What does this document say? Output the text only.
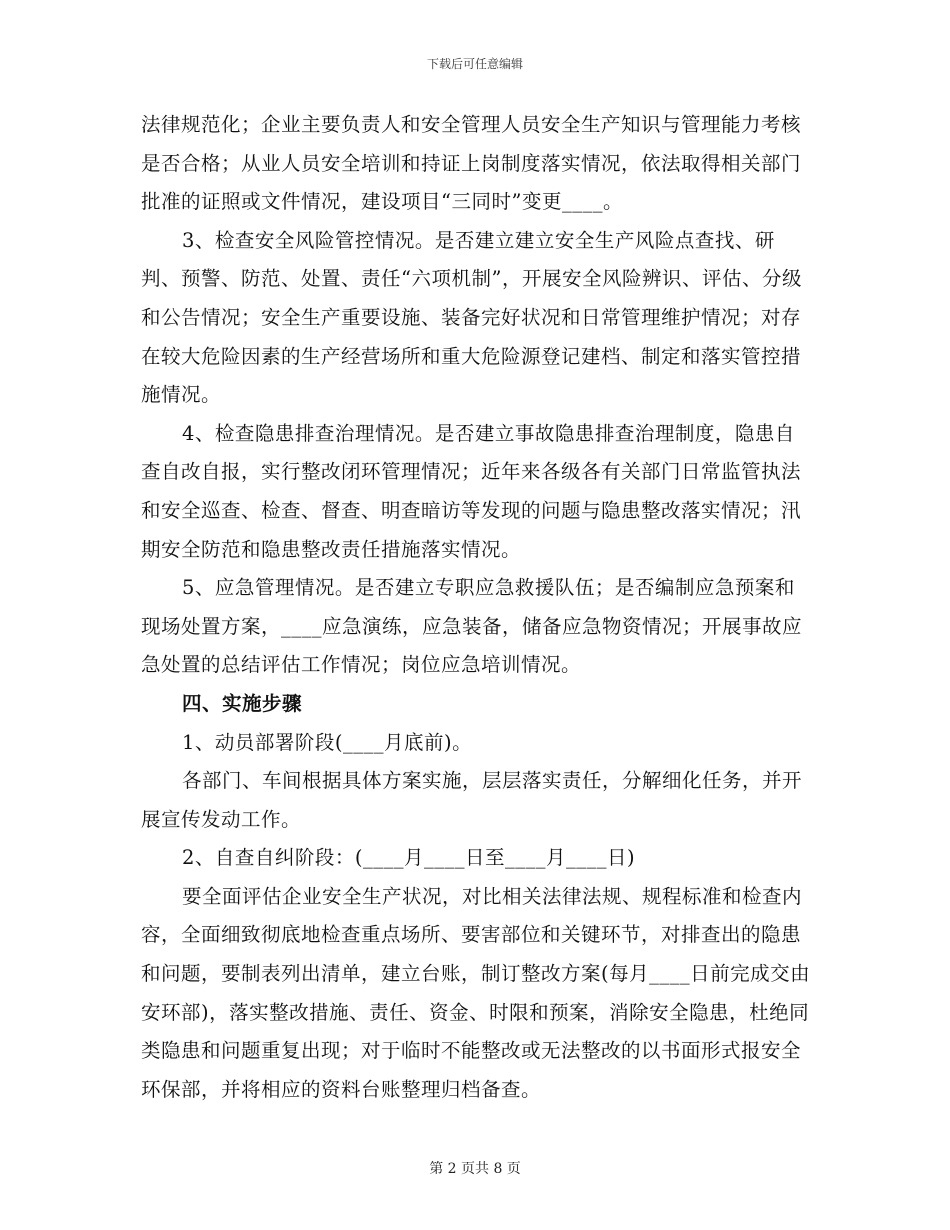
下载后可任意编辑

法律规范化；企业主要负责人和安全管理人员安全生产知识与管理能力考核是否合格；从业人员安全培训和持证上岗制度落实情况，依法取得相关部门批准的证照或文件情况，建设项目“三同时”变更____。

3、检查安全风险管控情况。是否建立建立安全生产风险点查找、研判、预警、防范、处置、责任“六项机制”，开展安全风险辨识、评估、分级和公告情况；安全生产重要设施、装备完好状况和日常管理维护情况；对存在较大危险因素的生产经营场所和重大危险源登记建档、制定和落实管控措施情况。

4、检查隐患排查治理情况。是否建立事故隐患排查治理制度，隐患自查自改自报，实行整改闭环管理情况；近年来各级各有关部门日常监管执法和安全巡查、检查、督查、明查暗访等发现的问题与隐患整改落实情况；汛期安全防范和隐患整改责任措施落实情况。

5、应急管理情况。是否建立专职应急救援队伍；是否编制应急预案和现场处置方案，____应急演练，应急装备，储备应急物资情况；开展事故应急处置的总结评估工作情况；岗位应急培训情况。

四、实施步骤

1、动员部署阶段(____月底前)。

各部门、车间根据具体方案实施，层层落实责任，分解细化任务，并开展宣传发动工作。

2、自查自纠阶段：(____月____日至____月____日)

要全面评估企业安全生产状况，对比相关法律法规、规程标准和检查内容，全面细致彻底地检查重点场所、要害部位和关键环节，对排查出的隐患和问题，要制表列出清单，建立台账，制订整改方案(每月____日前完成交由安环部)，落实整改措施、责任、资金、时限和预案，消除安全隐患，杜绝同类隐患和问题重复出现；对于临时不能整改或无法整改的以书面形式报安全环保部，并将相应的资料台账整理归档备查。

第 2 页共 8 页
